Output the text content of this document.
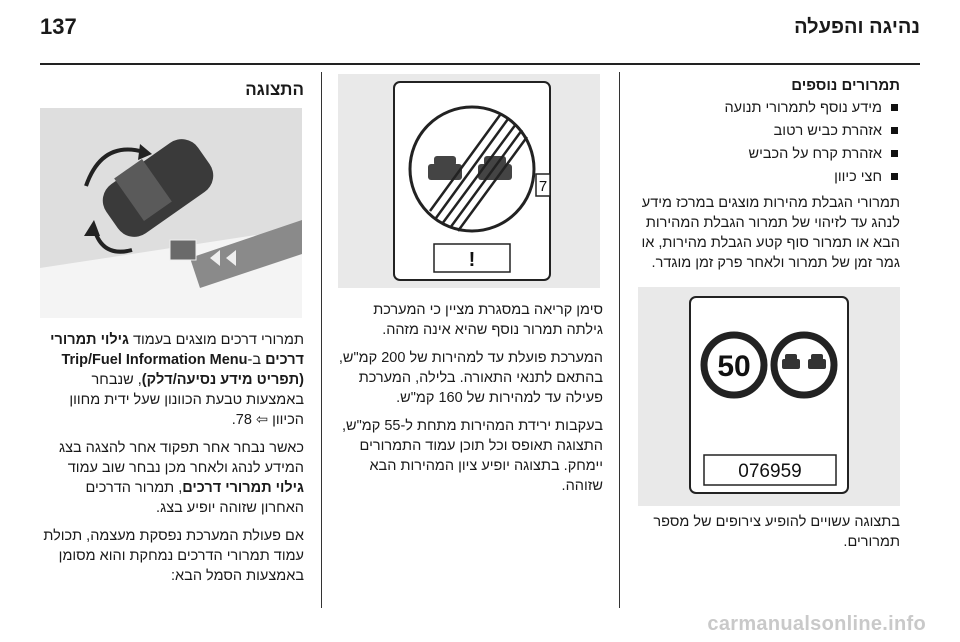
137	נהיגה והפעלה
תמרורים נוספים
מידע נוסף לתמרורי תנועה
אזהרת כביש רטוב
אזהרת קרח על הכביש
חצי כיוון

תמרורי הגבלת מהירות מוצגים במרכז מידע לנהג עד לזיהוי של תמרור הגבלת המהירות הבא או תמרור סוף קטע הגבלת מהירות, או גמר זמן של תמרור ולאחר פרק זמן מוגדר.

50
076959

בתצוגה עשויים להופיע צירופים של מספר תמרורים.

7
!

סימן קריאה במסגרת מציין כי המערכת גילתה תמרור נוסף שהיא אינה מזהה.

המערכת פועלת עד למהירות של 200 קמ"ש, בהתאם לתנאי התאורה. בלילה, המערכת פעילה עד למהירות של 160 קמ"ש.

בעקבות ירידת המהירות מתחת ל-55 קמ"ש, התצוגה תאופס וכל תוכן עמוד התמרורים יימחק. בתצוגה יופיע ציון המהירות הבא שזוהה.

התצוגה

תמרורי דרכים מוצגים בעמוד גילוי תמרורי דרכים ב-Trip/Fuel Information Menu (תפריט מידע נסיעה/דלק), שנבחר באמצעות טבעת הכוונון שעל ידית מחוון הכיוון ⇦ 78.

כאשר נבחר אחר תפקוד אחר להצגה בצג המידע לנהג ולאחר מכן נבחר שוב עמוד גילוי תמרורי דרכים, תמרור הדרכים האחרון שזוהה יופיע בצג.

אם פעולת המערכת נפסקת מעצמה, תכולת עמוד תמרורי הדרכים נמחקת והוא מסומן באמצעות הסמל הבא:

carmanualsonline.info
